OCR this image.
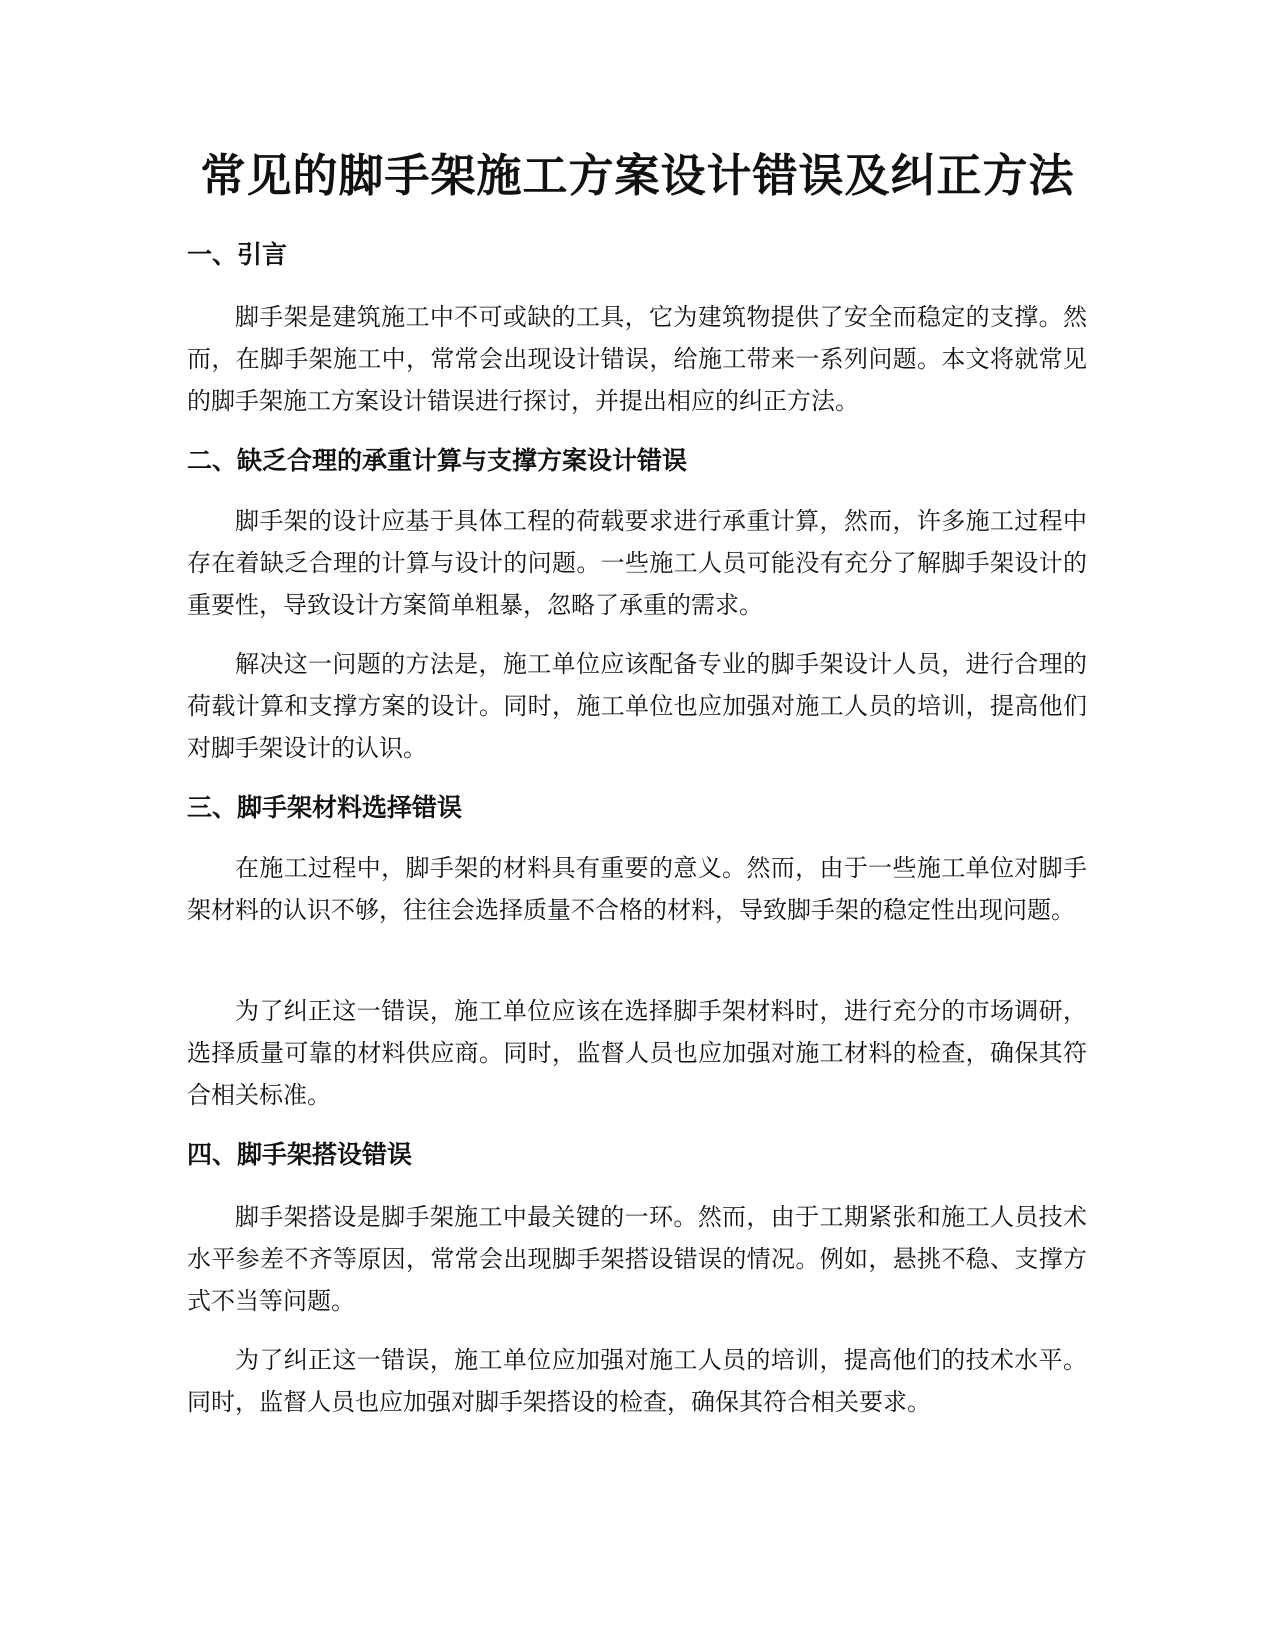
常见的脚手架施工方案设计错误及纠正方法
一、引言

脚手架是建筑施工中不可或缺的工具，它为建筑物提供了安全而稳定的支撑。然而，在脚手架施工中，常常会出现设计错误，给施工带来一系列问题。本文将就常见的脚手架施工方案设计错误进行探讨，并提出相应的纠正方法。

二、缺乏合理的承重计算与支撑方案设计错误

脚手架的设计应基于具体工程的荷载要求进行承重计算，然而，许多施工过程中存在着缺乏合理的计算与设计的问题。一些施工人员可能没有充分了解脚手架设计的重要性，导致设计方案简单粗暴，忽略了承重的需求。

解决这一问题的方法是，施工单位应该配备专业的脚手架设计人员，进行合理的荷载计算和支撑方案的设计。同时，施工单位也应加强对施工人员的培训，提高他们对脚手架设计的认识。

三、脚手架材料选择错误

在施工过程中，脚手架的材料具有重要的意义。然而，由于一些施工单位对脚手架材料的认识不够，往往会选择质量不合格的材料，导致脚手架的稳定性出现问题。

为了纠正这一错误，施工单位应该在选择脚手架材料时，进行充分的市场调研，选择质量可靠的材料供应商。同时，监督人员也应加强对施工材料的检查，确保其符合相关标准。

四、脚手架搭设错误

脚手架搭设是脚手架施工中最关键的一环。然而，由于工期紧张和施工人员技术水平参差不齐等原因，常常会出现脚手架搭设错误的情况。例如，悬挑不稳、支撑方式不当等问题。

为了纠正这一错误，施工单位应加强对施工人员的培训，提高他们的技术水平。同时，监督人员也应加强对脚手架搭设的检查，确保其符合相关要求。
